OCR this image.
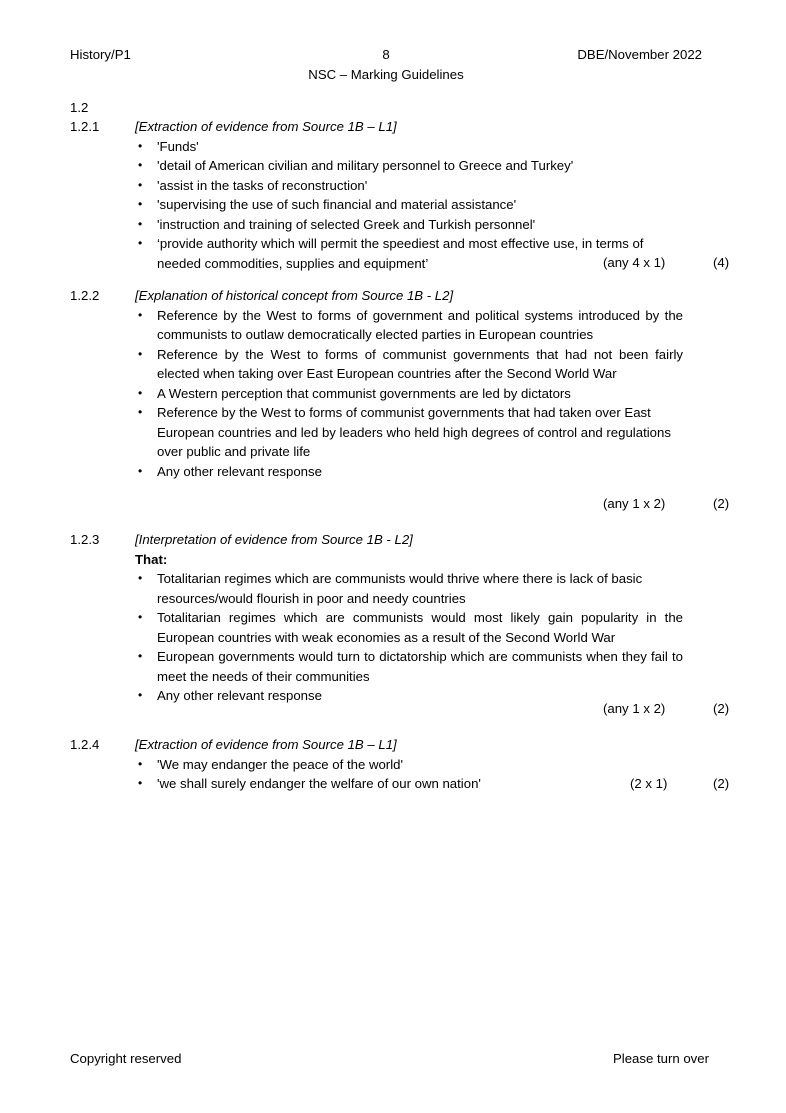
History/P1	8	DBE/November 2022
NSC – Marking Guidelines
1.2
1.2.1	[Extraction of evidence from Source 1B – L1]
• 'Funds'
• 'detail of American civilian and military personnel to Greece and Turkey'
• 'assist in the tasks of reconstruction'
• 'supervising the use of such financial and material assistance'
• 'instruction and training of selected Greek and Turkish personnel'
• ‘provide authority which will permit the speediest and most effective use, in terms of needed commodities, supplies and equipment’	(any 4 x 1)	(4)
1.2.2	[Explanation of historical concept from Source 1B - L2]
• Reference by the West to forms of government and political systems introduced by the communists to outlaw democratically elected parties in European countries
• Reference by the West to forms of communist governments that had not been fairly elected when taking over East European countries after the Second World War
• A Western perception that communist governments are led by dictators
• Reference by the West to forms of communist governments that had taken over East European countries and led by leaders who held high degrees of control and regulations over public and private life
• Any other relevant response
(any 1 x 2)	(2)
1.2.3	[Interpretation of evidence from Source 1B - L2]
That:
• Totalitarian regimes which are communists would thrive where there is lack of basic resources/would flourish in poor and needy countries
• Totalitarian regimes which are communists would most likely gain popularity in the European countries with weak economies as a result of the Second World War
• European governments would turn to dictatorship which are communists when they fail to meet the needs of their communities
• Any other relevant response
(any 1 x 2)	(2)
1.2.4	[Extraction of evidence from Source 1B – L1]
• 'We may endanger the peace of the world'
• 'we shall surely endanger the welfare of our own nation'	(2 x 1)	(2)
Copyright reserved	Please turn over
